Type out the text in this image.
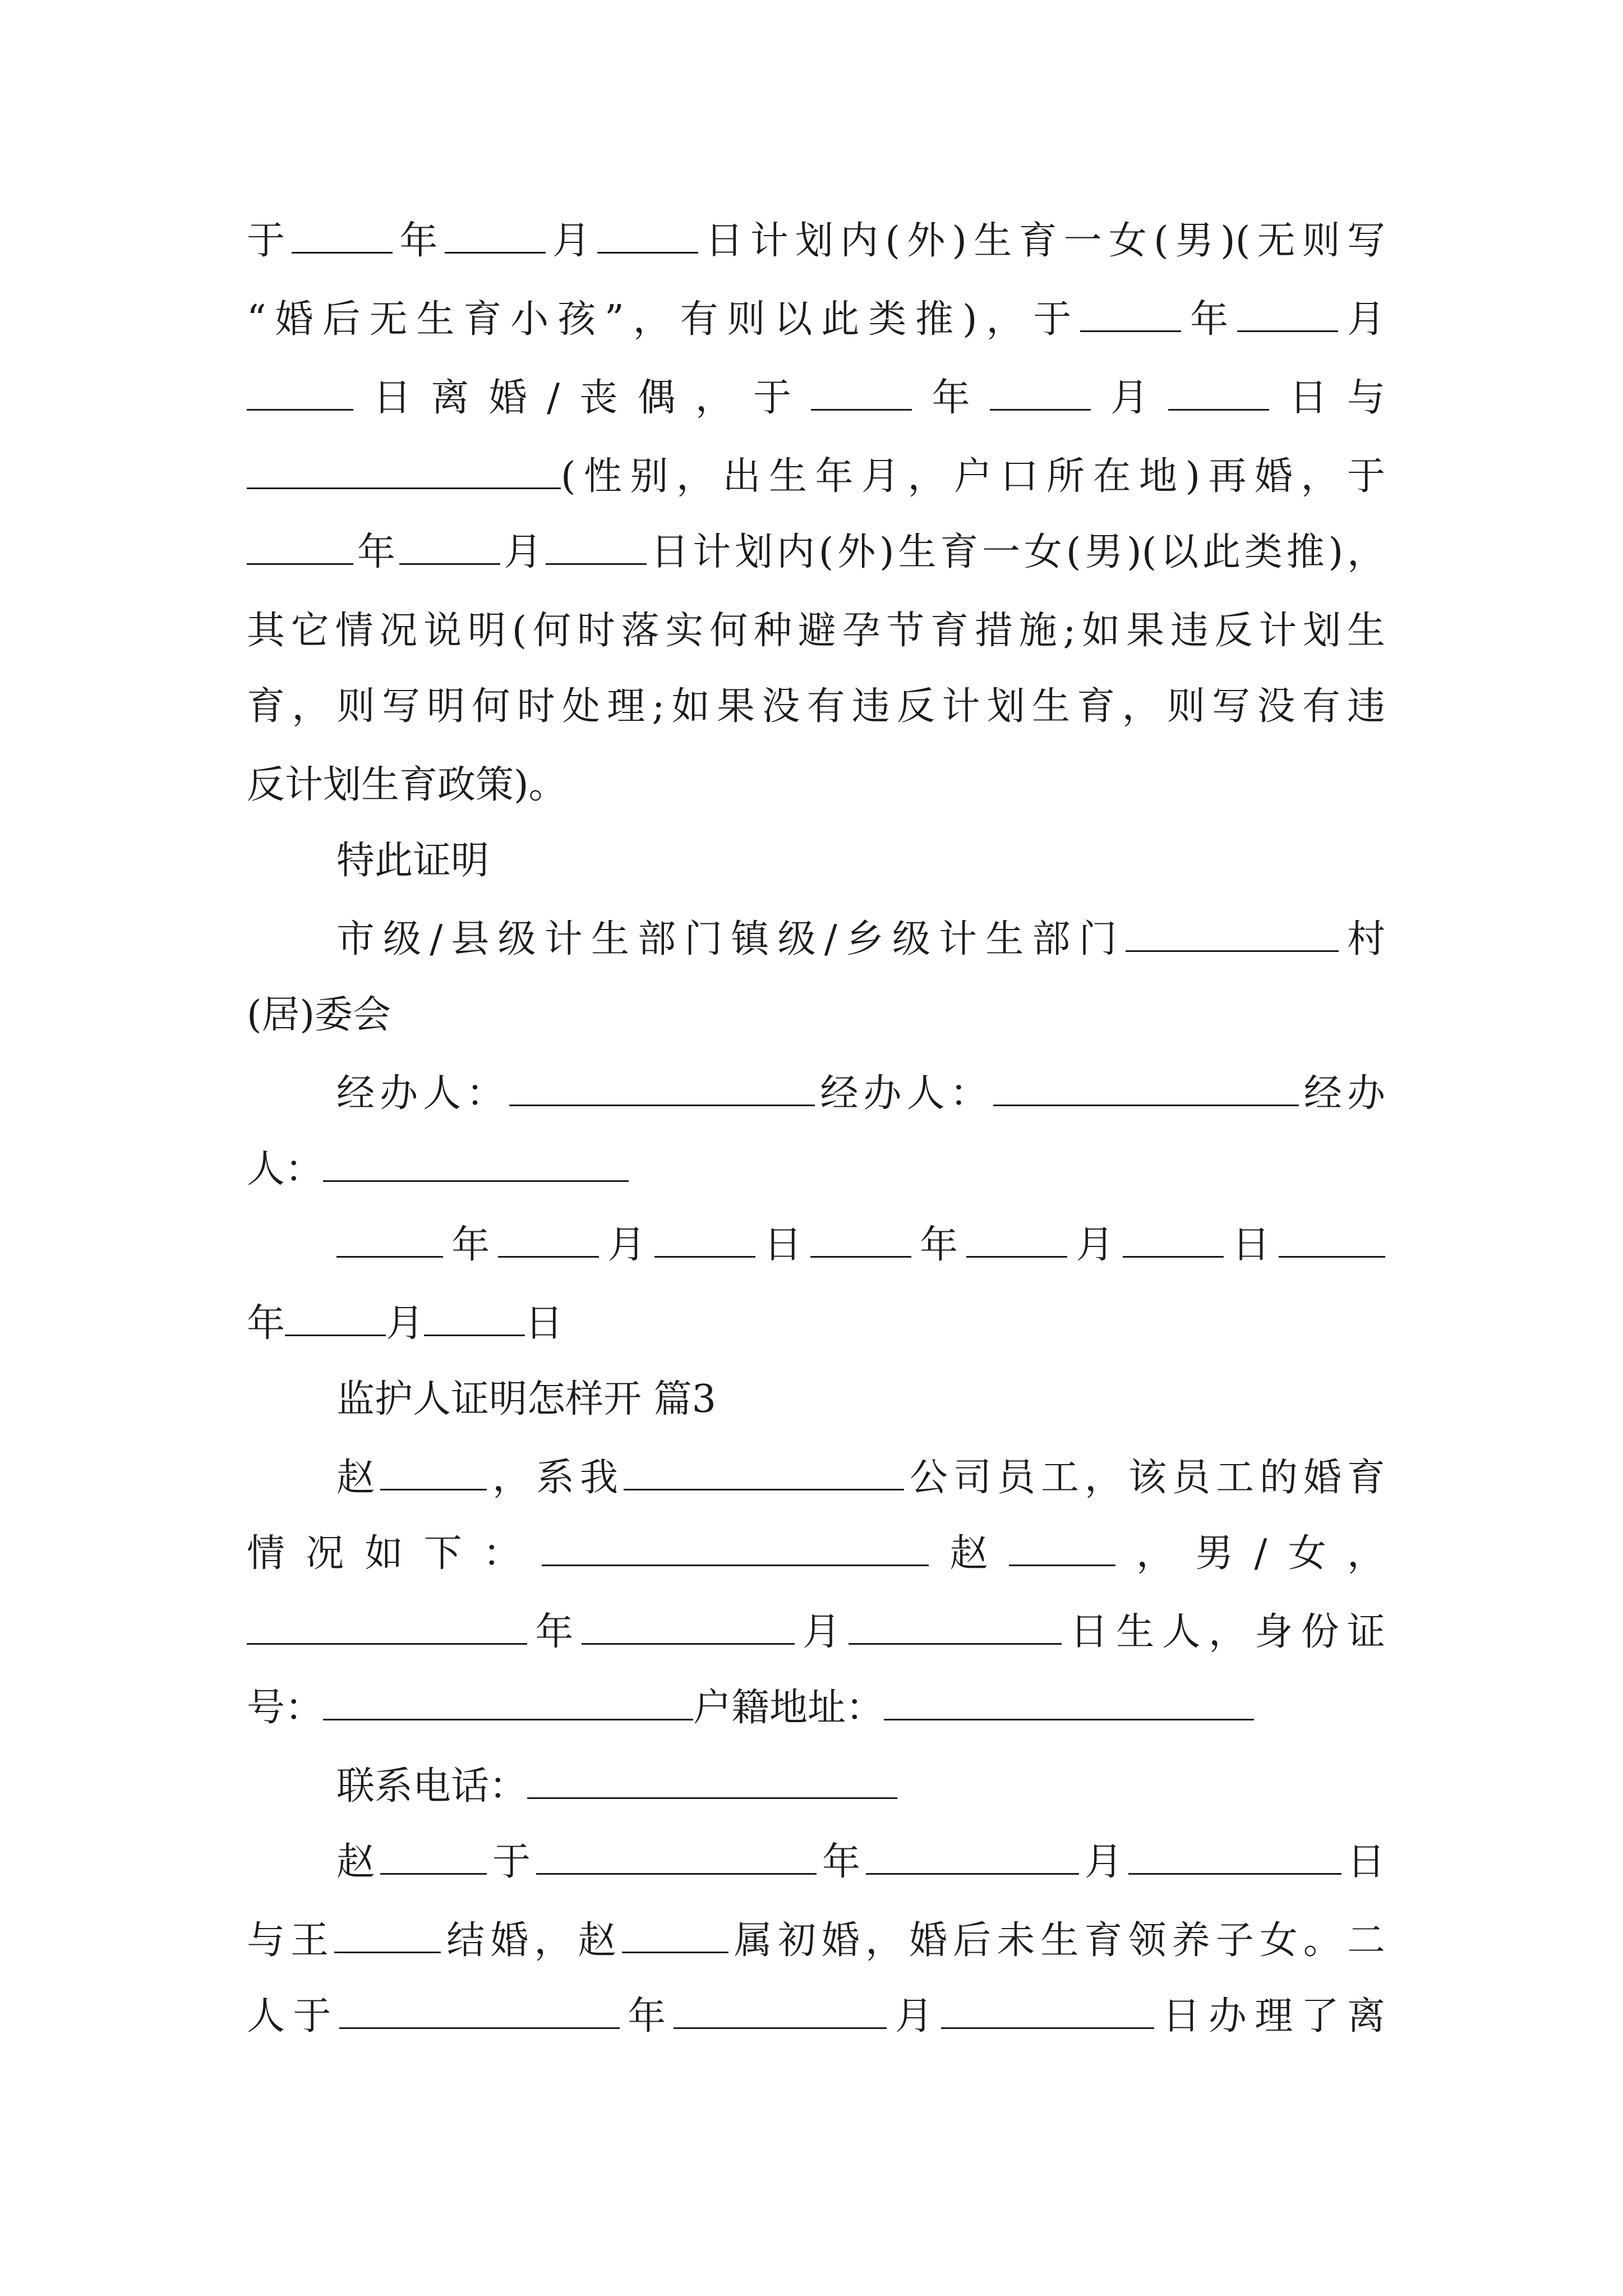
于	年	月	日计划内(外)生育一女(男)(无则写
“婚后无生育小孩”，有则以此类推)，于	年	月
日离婚/丧偶，于	年	月	日与
(性别，出生年月，户口所在地)再婚，于
年	月	日计划内(外)生育一女(男)(以此类推)，
其它情况说明(何时落实何种避孕节育措施;如果违反计划生
育，则写明何时处理;如果没有违反计划生育，则写没有违
反计划生育政策)。
特此证明
市级/县级计生部门镇级/乡级计生部门	村
(居)委会
经办人：	经办人：	经办
人：
年	月	日	年	月	日
年	月	日
监护人证明怎样开 篇3
赵	，系我	公司员工，该员工的婚育
情况如下：	赵	，男/女，
年	月	日生人，身份证
号：	户籍地址：
联系电话：
赵	于	年	月	日
与王	结婚，赵	属初婚，婚后未生育领养子女。二
人于	年	月	日办理了离
